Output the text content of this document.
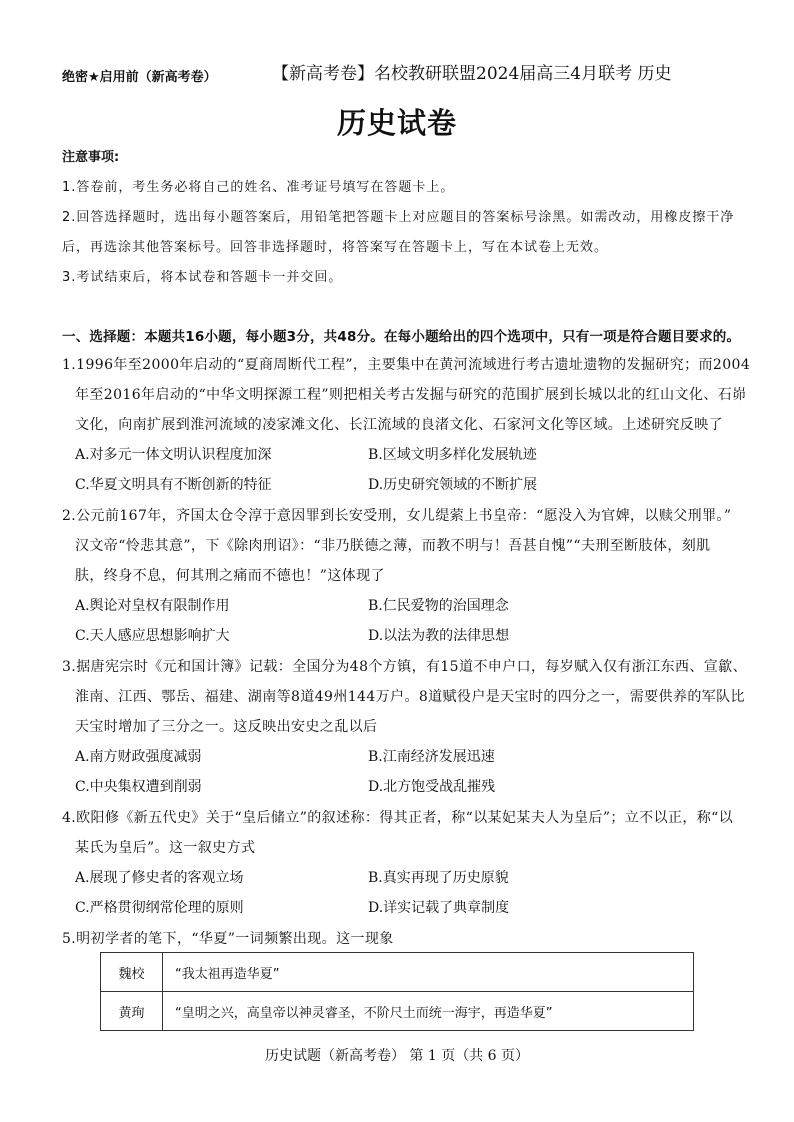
绝密★启用前（新高考卷）	【新高考卷】名校教研联盟2024届高三4月联考 历史
历史试卷
注意事项:
1.答卷前，考生务必将自己的姓名、准考证号填写在答题卡上。
2.回答选择题时，选出每小题答案后，用铅笔把答题卡上对应题目的答案标号涂黑。如需改动，用橡皮擦干净
后，再选涂其他答案标号。回答非选择题时，将答案写在答题卡上，写在本试卷上无效。
3.考试结束后，将本试卷和答题卡一并交回。
一、选择题：本题共16小题，每小题3分，共48分。在每小题给出的四个选项中，只有一项是符合题目要求的。
1.1996年至2000年启动的“夏商周断代工程”，主要集中在黄河流域进行考古遗址遗物的发掘研究；而2004
年至2016年启动的“中华文明探源工程”则把相关考古发掘与研究的范围扩展到长城以北的红山文化、石峁
文化，向南扩展到淮河流域的凌家滩文化、长江流域的良渚文化、石家河文化等区域。上述研究反映了
A.对多元一体文明认识程度加深	B.区域文明多样化发展轨迹
C.华夏文明具有不断创新的特征	D.历史研究领域的不断扩展
2.公元前167年，齐国太仓令淳于意因罪到长安受刑，女儿缇萦上书皇帝：“愿没入为官婢，以赎父刑罪。”
汉文帝“怜悲其意”，下《除肉刑诏》：“非乃朕德之薄，而教不明与！吾甚自愧”“夫刑至断肢体，刻肌
肤，终身不息，何其刑之痛而不德也！”这体现了
A.舆论对皇权有限制作用	B.仁民爱物的治国理念
C.天人感应思想影响扩大	D.以法为教的法律思想
3.据唐宪宗时《元和国计簿》记载：全国分为48个方镇，有15道不申户口，每岁赋入仅有浙江东西、宣歙、
淮南、江西、鄂岳、福建、湖南等8道49州144万户。8道赋役户是天宝时的四分之一，需要供养的军队比
天宝时增加了三分之一。这反映出安史之乱以后
A.南方财政强度减弱	B.江南经济发展迅速
C.中央集权遭到削弱	D.北方饱受战乱摧残
4.欧阳修《新五代史》关于“皇后储立”的叙述称：得其正者，称“以某妃某夫人为皇后”；立不以正，称“以
某氏为皇后”。这一叙史方式
A.展现了修史者的客观立场	B.真实再现了历史原貌
C.严格贯彻纲常伦理的原则	D.详实记载了典章制度
5.明初学者的笔下，“华夏”一词频繁出现。这一现象
魏校	“我太祖再造华夏”
黄珣	“皇明之兴，高皇帝以神灵睿圣，不阶尺土而统一海宇，再造华夏”
历史试题（新高考卷） 第 1 页（共 6 页）
